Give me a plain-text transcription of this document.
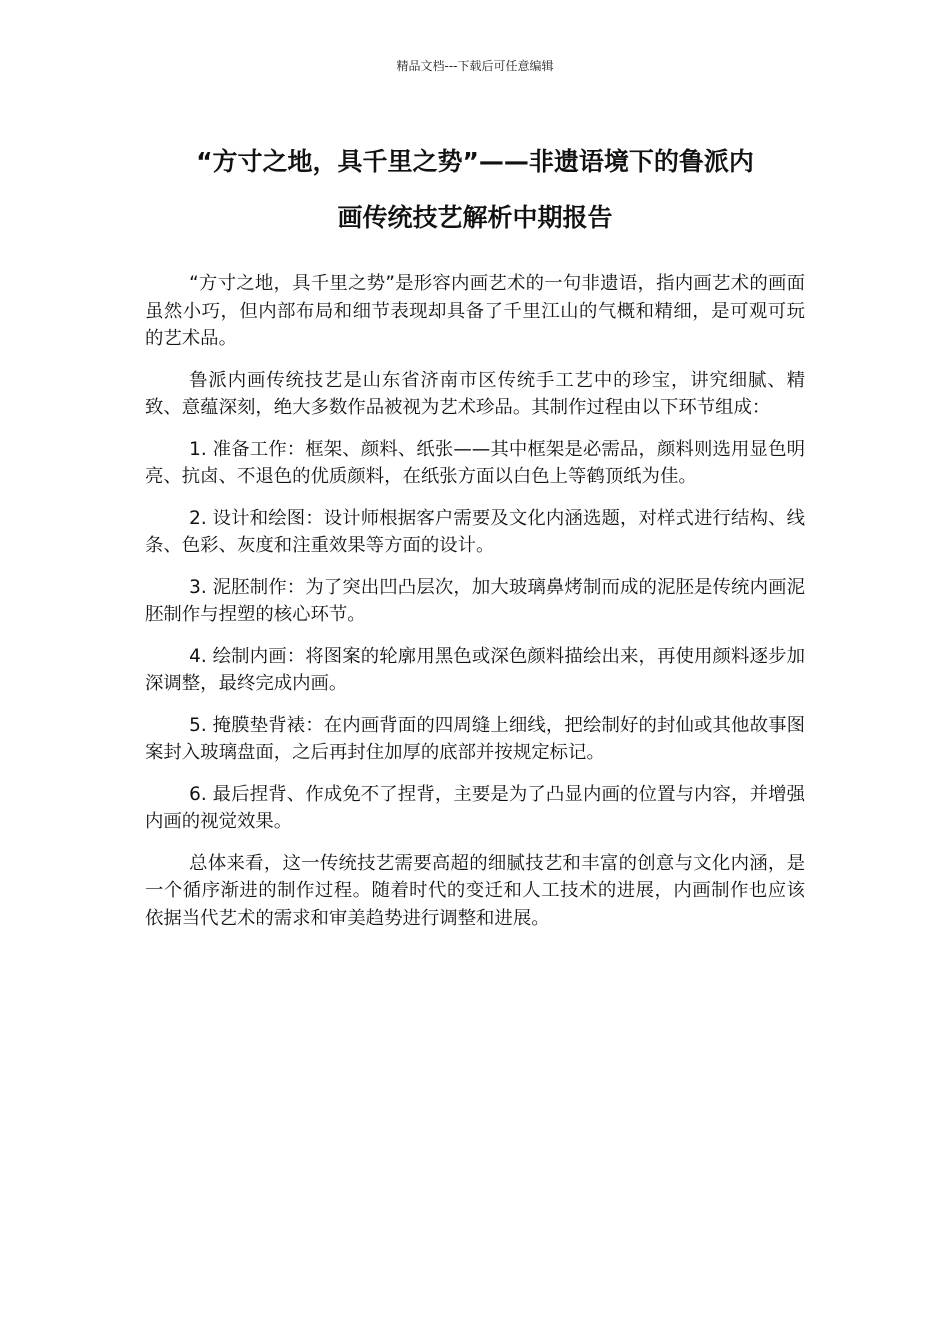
精品文档---下载后可任意编辑
“方寸之地，具千里之势”——非遗语境下的鲁派内
画传统技艺解析中期报告

“方寸之地，具千里之势”是形容内画艺术的一句非遗语，指内画艺术的画面虽然小巧，但内部布局和细节表现却具备了千里江山的气概和精细，是可观可玩的艺术品。

鲁派内画传统技艺是山东省济南市区传统手工艺中的珍宝，讲究细腻、精致、意蕴深刻，绝大多数作品被视为艺术珍品。其制作过程由以下环节组成：

1. 准备工作：框架、颜料、纸张——其中框架是必需品，颜料则选用显色明亮、抗卤、不退色的优质颜料，在纸张方面以白色上等鹤顶纸为佳。

2. 设计和绘图：设计师根据客户需要及文化内涵选题，对样式进行结构、线条、色彩、灰度和注重效果等方面的设计。

3. 泥胚制作：为了突出凹凸层次，加大玻璃鼻烤制而成的泥胚是传统内画泥胚制作与捏塑的核心环节。

4. 绘制内画：将图案的轮廓用黑色或深色颜料描绘出来，再使用颜料逐步加深调整，最终完成内画。

5. 掩膜垫背裱：在内画背面的四周缝上细线，把绘制好的封仙或其他故事图案封入玻璃盘面，之后再封住加厚的底部并按规定标记。

6. 最后捏背、作成免不了捏背，主要是为了凸显内画的位置与内容，并增强内画的视觉效果。

总体来看，这一传统技艺需要高超的细腻技艺和丰富的创意与文化内涵，是一个循序渐进的制作过程。随着时代的变迁和人工技术的进展，内画制作也应该依据当代艺术的需求和审美趋势进行调整和进展。
